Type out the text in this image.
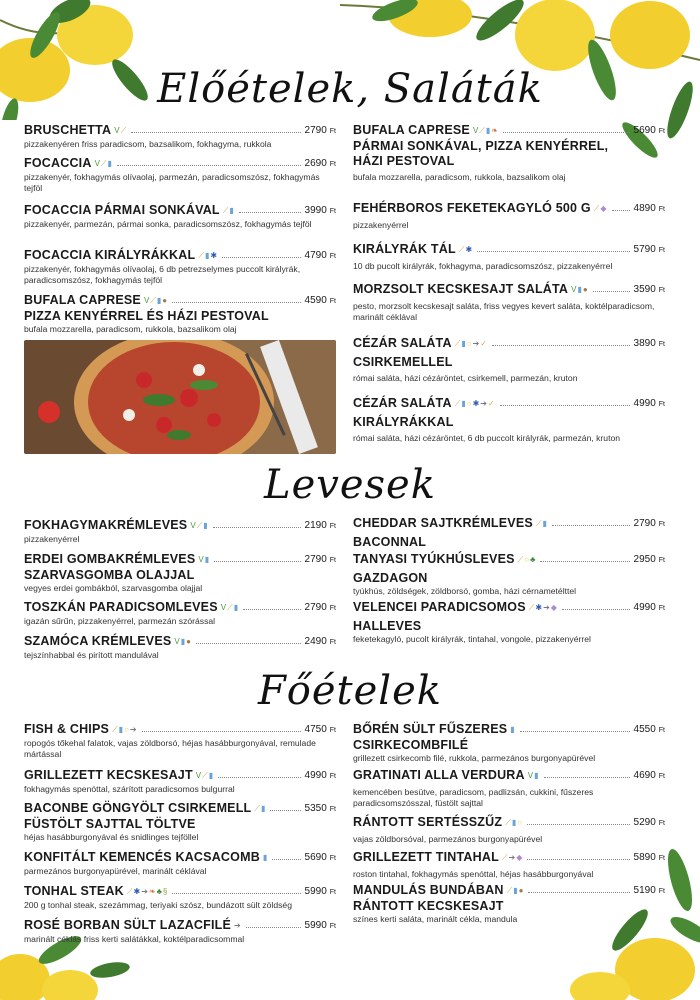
Előételek, Saláták
Levesek
Főételek
BRUSCHETTA V⟋	2790 Ft
pizzakenyéren friss paradicsom, bazsalikom, fokhagyma, rukkola
FOCACCIA V⟋▮	2690 Ft
pizzakenyér, fokhagymás olívaolaj, parmezán, paradicsomszósz, fokhagymás tejföl
FOCACCIA PÁRMAI SONKÁVAL ⟋▮	3990 Ft
pizzakenyér, parmezán, pármai sonka, paradicsomszósz, fokhagymás tejföl
FOCACCIA KIRÁLYRÁKKAL ⟋▮✱	4790 Ft
pizzakenyér, fokhagymás olívaolaj, 6 db petrezselymes puccolt királyrák, paradicsomszósz, fokhagymás tejföl
BUFALA CAPRESE V⟋▮●	4590 Ft
PIZZA KENYÉRREL ÉS HÁZI PESTOVAL
bufala mozzarella, paradicsom, rukkola, bazsalikom olaj
BUFALA CAPRESE V⟋▮❧	5690 Ft
PÁRMAI SONKÁVAL, PIZZA KENYÉRREL,
HÁZI PESTOVAL
bufala mozzarella, paradicsom, rukkola, bazsalikom olaj
FEHÉRBOROS FEKETEKAGYLÓ 500 G ⟋◆	4890 Ft
pizzakenyérrel
KIRÁLYRÁK TÁL ⟋✱	5790 Ft
10 db pucolt királyrák, fokhagyma, paradicsomszósz, pizzakenyérrel
MORZSOLT KECSKESAJT SALÁTA V▮●	3590 Ft
pesto, morzsolt kecskesajt saláta, friss vegyes kevert saláta, koktélparadicsom, marinált céklával
CÉZÁR SALÁTA ⟋▮○➔✓	3890 Ft
CSIRKEMELLEL
római saláta, házi cézáröntet, csirkemell, parmezán, kruton
CÉZÁR SALÁTA ⟋▮○✱➔✓	4990 Ft
KIRÁLYRÁKKAL
római saláta, házi cézáröntet, 6 db puccolt királyrák, parmezán, kruton
FOKHAGYMAKRÉMLEVES V⟋▮	2190 Ft
pizzakenyérrel
ERDEI GOMBAKRÉMLEVES V▮	2790 Ft
SZARVASGOMBA OLAJJAL
vegyes erdei gombákból, szarvasgomba olajjal
TOSZKÁN PARADICSOMLEVES V⟋▮	2790 Ft
igazán sűrűn, pizzakenyérrel, parmezán szórással
SZAMÓCA KRÉMLEVES V▮●	2490 Ft
tejszínhabbal és pirított mandulával
CHEDDAR SAJTKRÉMLEVES ⟋▮	2790 Ft
BACONNAL
TANYASI TYÚKHÚSLEVES ⟋○♣	2950 Ft
GAZDAGON
tyúkhús, zöldségek, zöldborsó, gomba, házi cérnametélttel
VELENCEI PARADICSOMOS ⟋✱➔◆	4990 Ft
HALLEVES
feketekagyló, pucolt királyrák, tintahal, vongole, pizzakenyérrel
FISH & CHIPS ⟋▮○➔	4750 Ft
ropogós tőkehal falatok, vajas zöldborsó, héjas hasábburgonyával, remulade mártással
GRILLEZETT KECSKESAJT V⟋▮	4990 Ft
fokhagymás spenóttal, szárított paradicsomos bulgurral
BACONBE GÖNGYÖLT CSIRKEMELL ⟋▮	5350 Ft
FÜSTÖLT SAJTTAL TÖLTVE
héjas hasábburgonyával és snidlinges tejföllel
KONFITÁLT KEMENCÉS KACSACOMB ▮	5690 Ft
parmezános burgonyapürével, marinált céklával
TONHAL STEAK ⟋✱➔❧♣§	5990 Ft
200 g tonhal steak, szezámmag, teriyaki szósz, bundázott sült zöldség
ROSÉ BORBAN SÜLT LAZACFILÉ ➔	5990 Ft
marinált céklás friss kerti salátákkal, koktélparadicsommal
BŐRÉN SÜLT FŰSZERES ▮	4550 Ft
CSIRKECOMBFILÉ
grillezett csirkecomb filé, rukkola, parmezános burgonyapürével
GRATINATI ALLA VERDURA V▮	4690 Ft
kemencében besütve, paradicsom, padlizsán, cukkini, fűszeres paradicsomszósszal, füstölt sajttal
RÁNTOTT SERTÉSSZŰZ ⟋▮○	5290 Ft
vajas zöldborsóval, parmezános burgonyapürével
GRILLEZETT TINTAHAL ⟋➔◆	5890 Ft
roston tintahal, fokhagymás spenóttal, héjas hasábburgonyával
MANDULÁS BUNDÁBAN ⟋▮●	5190 Ft
RÁNTOTT KECSKESAJT
színes kerti saláta, marinált cékla, mandula
